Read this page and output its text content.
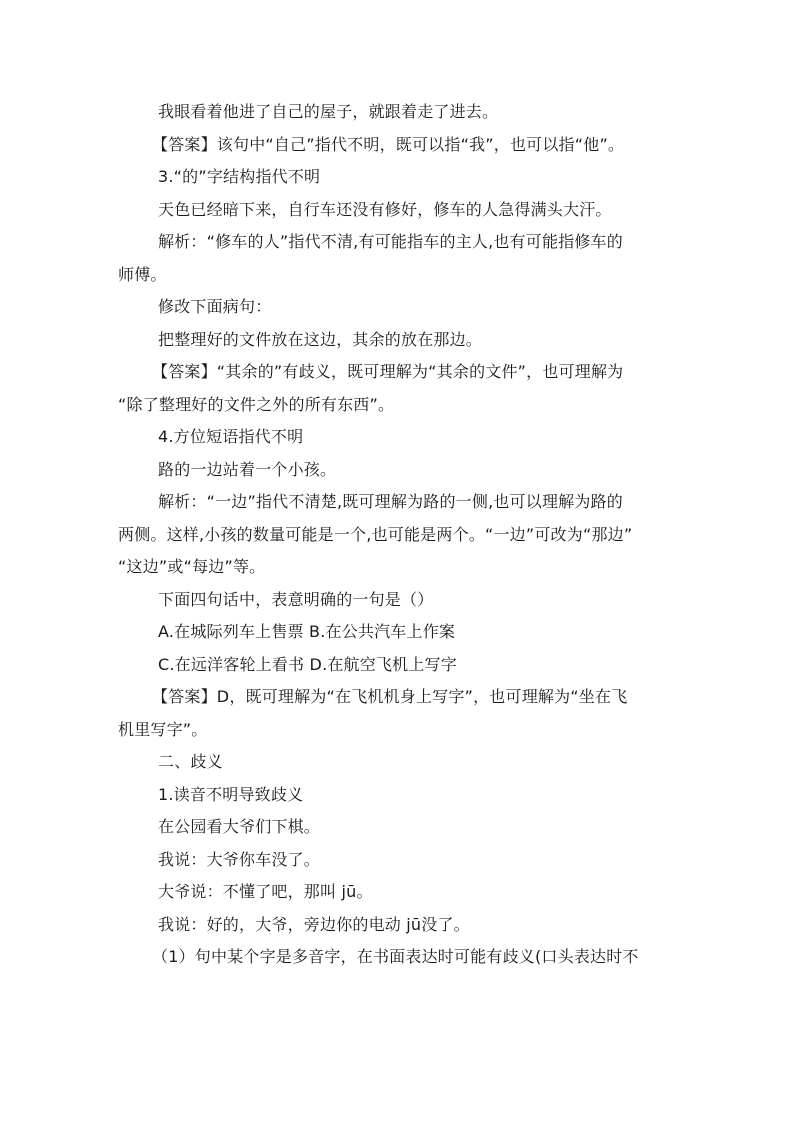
我眼看着他进了自己的屋子，就跟着走了进去。
【答案】该句中“自己”指代不明，既可以指“我”，也可以指“他”。
3.“的”字结构指代不明
天色已经暗下来，自行车还没有修好，修车的人急得满头大汗。
解析：“修车的人”指代不清,有可能指车的主人,也有可能指修车的
师傅。
修改下面病句：
把整理好的文件放在这边，其余的放在那边。
【答案】“其余的”有歧义，既可理解为“其余的文件”，也可理解为
“除了整理好的文件之外的所有东西”。
4.方位短语指代不明
路的一边站着一个小孩。
解析：“一边”指代不清楚,既可理解为路的一侧,也可以理解为路的
两侧。这样,小孩的数量可能是一个,也可能是两个。“一边”可改为“那边”
“这边”或“每边”等。
下面四句话中，表意明确的一句是（）
A.在城际列车上售票 B.在公共汽车上作案
C.在远洋客轮上看书 D.在航空飞机上写字
【答案】D，既可理解为“在飞机机身上写字”，也可理解为“坐在飞
机里写字”。
二、歧义
1.读音不明导致歧义
在公园看大爷们下棋。
我说：大爷你车没了。
大爷说：不懂了吧，那叫 jū。
我说：好的，大爷，旁边你的电动 jū没了。
（1）句中某个字是多音字，在书面表达时可能有歧义(口头表达时不
